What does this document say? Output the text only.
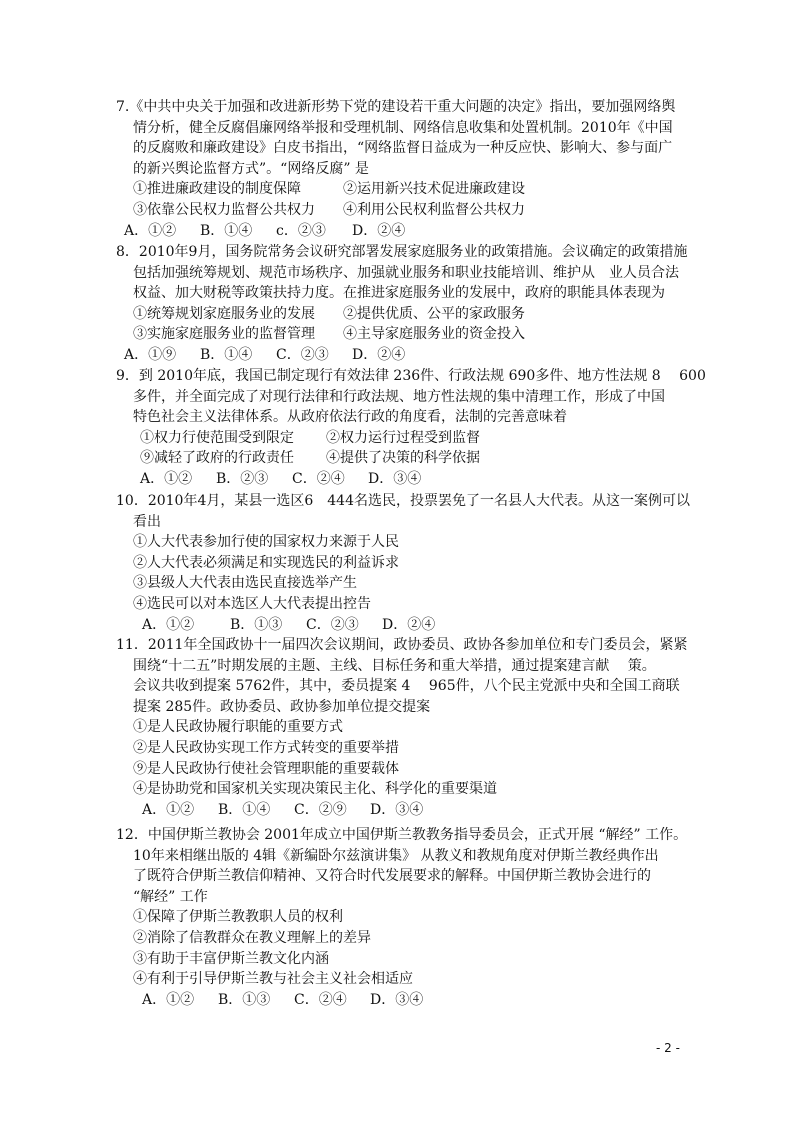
7.《中共中央关于加强和改进新形势下党的建设若干重大问题的决定》指出，要加强网络舆
情分析，健全反腐倡廉网络举报和受理机制、网络信息收集和处置机制。2010年《中国
的反腐败和廉政建设》白皮书指出，“网络监督日益成为一种反应快、影响大、参与面广
的新兴舆论监督方式”。“网络反腐” 是
①推进廉政建设的制度保障	②运用新兴技术促进廉政建设
③依靠公民权力监督公共权力	④利用公民权利监督公共权力
A．①②	B．①④	c．②③	D．②④
8．2010年9月，国务院常务会议研究部署发展家庭服务业的政策措施。会议确定的政策措施
包括加强统筹规划、规范市场秩序、加强就业服务和职业技能培训、维护从　业人员合法
权益、加大财税等政策扶持力度。在推进家庭服务业的发展中，政府的职能具体表现为
①统筹规划家庭服务业的发展	②提供优质、公平的家政服务
③实施家庭服务业的监督管理	④主导家庭服务业的资金投入
A．①⑨	B．①④	C．②③	D．②④
9．到 2010年底，我国已制定现行有效法律 236件、行政法规 690多件、地方性法规 8　 600
多件，并全面完成了对现行法律和行政法规、地方性法规的集中清理工作，形成了中国
特色社会主义法律体系。从政府依法行政的角度看，法制的完善意味着
①权力行使范围受到限定	②权力运行过程受到监督
⑨减轻了政府的行政责任	④提供了决策的科学依据
A．①②	B．②③	C．②④	D．③④
10．2010年4月，某县一选区6　444名选民，投票罢免了一名县人大代表。从这一案例可以
看出
①人大代表参加行使的国家权力来源于人民
②人大代表必须满足和实现选民的利益诉求
③县级人大代表由选民直接选举产生
④选民可以对本选区人大代表提出控告
A．①②	B．①③	C．②③	D．②④
11．2011年全国政协十一届四次会议期间，政协委员、政协各参加单位和专门委员会，紧紧
围绕“十二五”时期发展的主题、主线、目标任务和重大举措，通过提案建言献　 策。
会议共收到提案 5762件，其中，委员提案 4　 965件，八个民主党派中央和全国工商联
提案 285件。政协委员、政协参加单位提交提案
①是人民政协履行职能的重要方式
②是人民政协实现工作方式转变的重要举措
⑨是人民政协行使社会管理职能的重要载体
④是协助党和国家机关实现决策民主化、科学化的重要渠道
A．①②	B．①④	C．②⑨	D．③④
12．中国伊斯兰教协会 2001年成立中国伊斯兰教教务指导委员会，正式开展 “解经” 工作。
10年来相继出版的 4辑《新编卧尔兹演讲集》 从教义和教规角度对伊斯兰教经典作出
了既符合伊斯兰教信仰精神、又符合时代发展要求的解释。中国伊斯兰教协会进行的
“解经” 工作
①保障了伊斯兰教教职人员的权利
②消除了信教群众在教义理解上的差异
③有助于丰富伊斯兰教文化内涵
④有利于引导伊斯兰教与社会主义社会相适应
A．①②	B．①③	C．②④	D．③④
- 2 -
